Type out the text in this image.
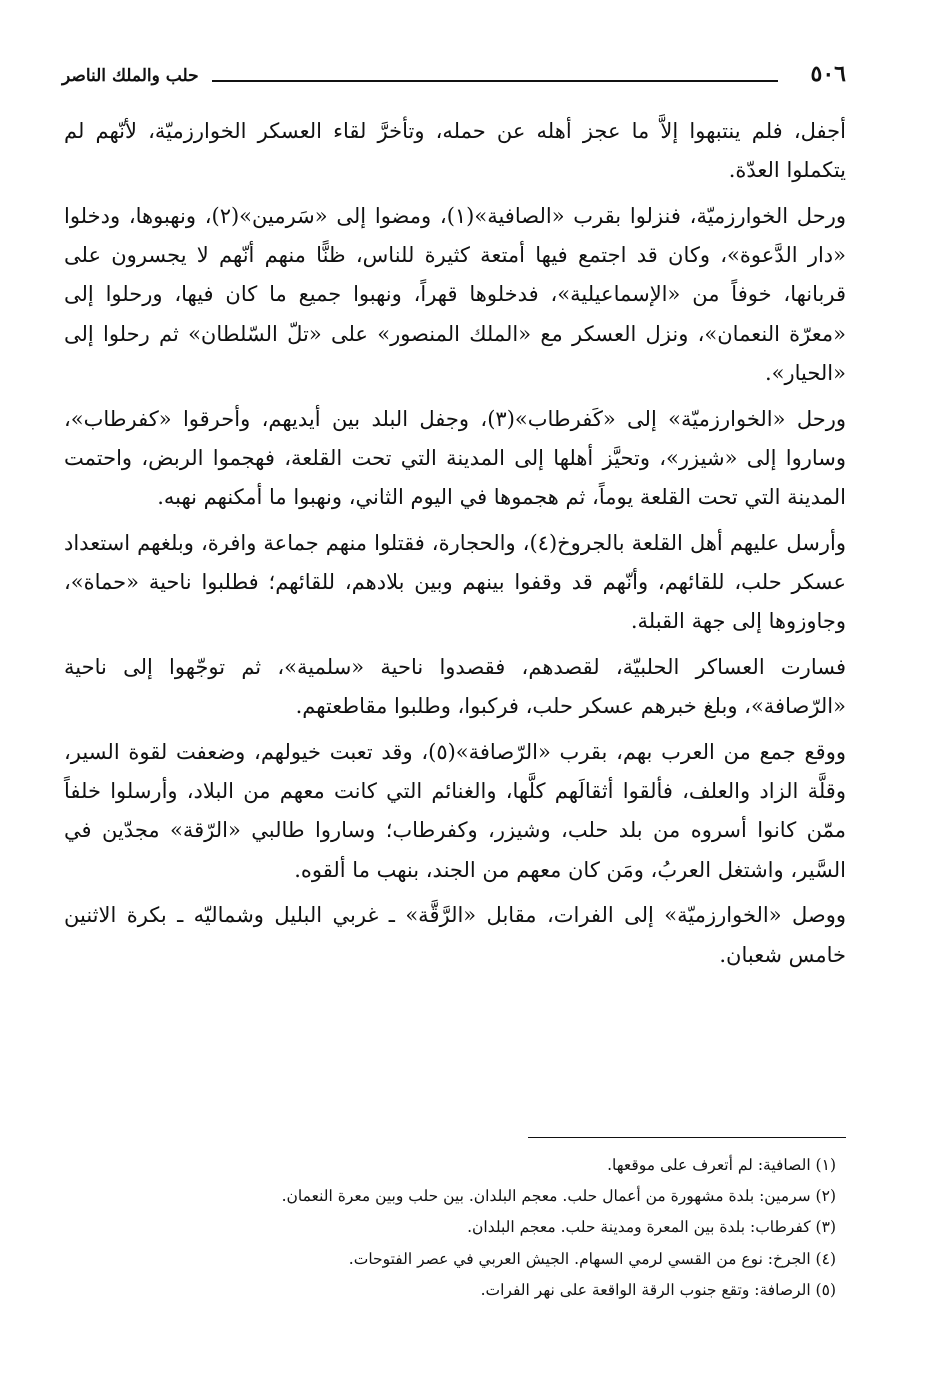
٥٠٦
حلب والملك الناصر

أجفل، فلم ينتبهوا إلاَّ ما عجز أهله عن حمله، وتأخرَّ لقاء العسكر الخوارزميّة، لأنّهم لم يتكملوا العدّة.

ورحل الخوارزميّة، فنزلوا بقرب «الصافية»(١)، ومضوا إلى «سَرمين»(٢)، ونهبوها، ودخلوا «دار الدَّعوة»، وكان قد اجتمع فيها أمتعة كثيرة للناس، ظنًّا منهم أنّهم لا يجسرون على قربانها، خوفاً من «الإسماعيلية»، فدخلوها قهراً، ونهبوا جميع ما كان فيها، ورحلوا إلى «معرّة النعمان»، ونزل العسكر مع «الملك المنصور» على «تلّ السّلطان» ثم رحلوا إلى «الحيار».

ورحل «الخوارزميّة» إلى «كَفرطاب»(٣)، وجفل البلد بين أيديهم، وأحرقوا «كفرطاب»، وساروا إلى «شيزر»، وتحيَّز أهلها إلى المدينة التي تحت القلعة، فهجموا الربض، واحتمت المدينة التي تحت القلعة يوماً، ثم هجموها في اليوم الثاني، ونهبوا ما أمكنهم نهبه.

وأرسل عليهم أهل القلعة بالجروخ(٤)، والحجارة، فقتلوا منهم جماعة وافرة، وبلغهم استعداد عسكر حلب، للقائهم، وأنّهم قد وقفوا بينهم وبين بلادهم، للقائهم؛ فطلبوا ناحية «حماة»، وجاوزوها إلى جهة القبلة.

فسارت العساكر الحلبيّة، لقصدهم، فقصدوا ناحية «سلمية»، ثم توجّهوا إلى ناحية «الرّصافة»، وبلغ خبرهم عسكر حلب، فركبوا، وطلبوا مقاطعتهم.

ووقع جمع من العرب بهم، بقرب «الرّصافة»(٥)، وقد تعبت خيولهم، وضعفت لقوة السير، وقلَّة الزاد والعلف، فألقوا أثقالَهم كلَّها، والغنائم التي كانت معهم من البلاد، وأرسلوا خلفاً ممّن كانوا أسروه من بلد حلب، وشيزر، وكفرطاب؛ وساروا طالبي «الرّقة» مجدّين في السَّير، واشتغل العربُ، ومَن كان معهم من الجند، بنهب ما ألقوه.

ووصل «الخوارزميّة» إلى الفرات، مقابل «الرَّقَّة» ـ غربي البليل وشماليّه ـ بكرة الاثنين خامس شعبان.

(١) الصافية: لم أتعرف على موقعها.
(٢) سرمين: بلدة مشهورة من أعمال حلب. معجم البلدان. بين حلب وبين معرة النعمان.
(٣) كفرطاب: بلدة بين المعرة ومدينة حلب. معجم البلدان.
(٤) الجرخ: نوع من القسي لرمي السهام. الجيش العربي في عصر الفتوحات.
(٥) الرصافة: وتقع جنوب الرقة الواقعة على نهر الفرات.
